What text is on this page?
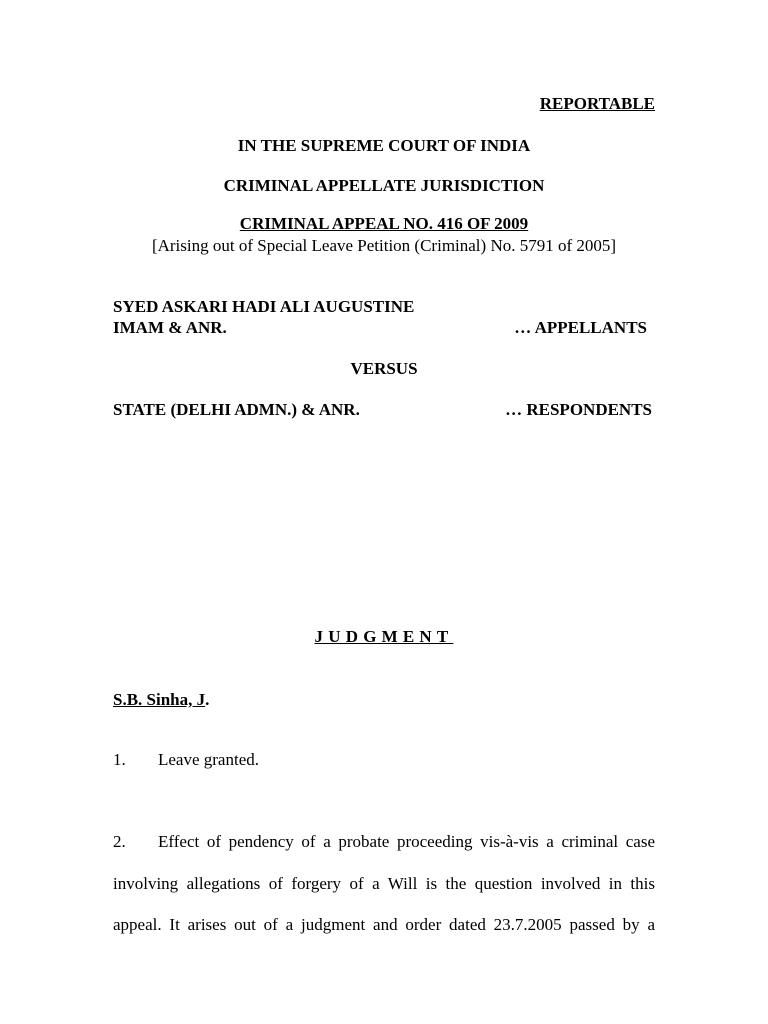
REPORTABLE
IN THE SUPREME COURT OF INDIA
CRIMINAL APPELLATE JURISDICTION
CRIMINAL APPEAL NO. 416 OF 2009
[Arising out of Special Leave Petition (Criminal) No. 5791 of 2005]
SYED ASKARI HADI ALI AUGUSTINE
IMAM & ANR.	… APPELLANTS
VERSUS
STATE (DELHI ADMN.) & ANR.	… RESPONDENTS
JUDGMENT
S.B. Sinha, J.
1. Leave granted.
2. Effect of pendency of a probate proceeding vis-à-vis a criminal case
involving allegations of forgery of a Will is the question involved in this
appeal. It arises out of a judgment and order dated 23.7.2005 passed by a
